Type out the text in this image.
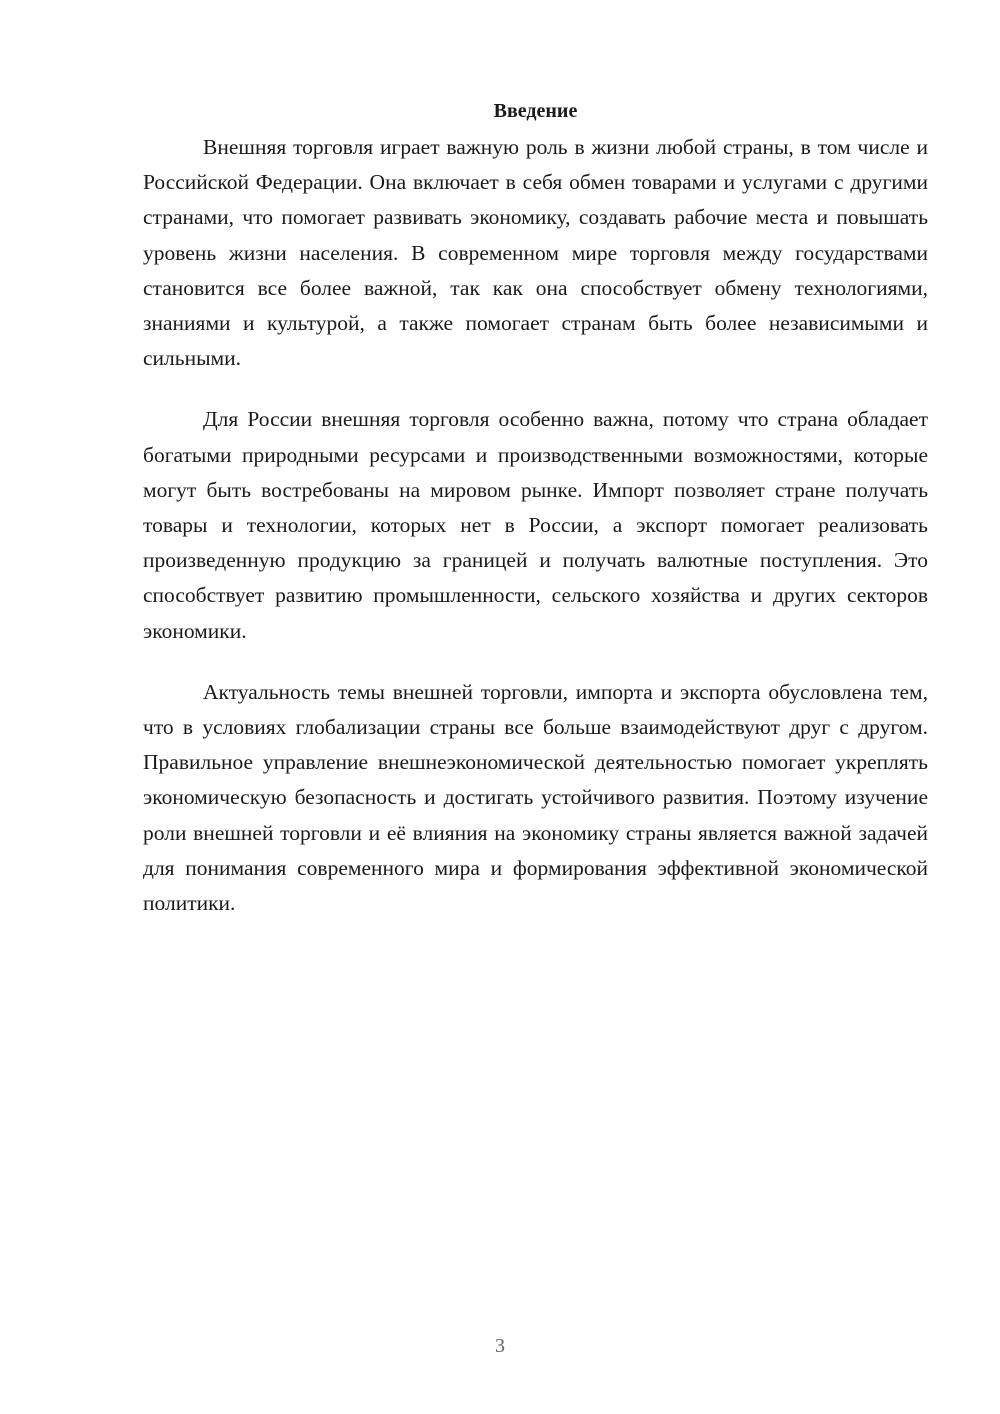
Введение

Внешняя торговля играет важную роль в жизни любой страны, в том числе и Российской Федерации. Она включает в себя обмен товарами и услугами с другими странами, что помогает развивать экономику, создавать рабочие места и повышать уровень жизни населения. В современном мире торговля между государствами становится все более важной, так как она способствует обмену технологиями, знаниями и культурой, а также помогает странам быть более независимыми и сильными.

Для России внешняя торговля особенно важна, потому что страна обладает богатыми природными ресурсами и производственными возможностями, которые могут быть востребованы на мировом рынке. Импорт позволяет стране получать товары и технологии, которых нет в России, а экспорт помогает реализовать произведенную продукцию за границей и получать валютные поступления. Это способствует развитию промышленности, сельского хозяйства и других секторов экономики.

Актуальность темы внешней торговли, импорта и экспорта обусловлена тем, что в условиях глобализации страны все больше взаимодействуют друг с другом. Правильное управление внешнеэкономической деятельностью помогает укреплять экономическую безопасность и достигать устойчивого развития. Поэтому изучение роли внешней торговли и её влияния на экономику страны является важной задачей для понимания современного мира и формирования эффективной экономической политики.

3
